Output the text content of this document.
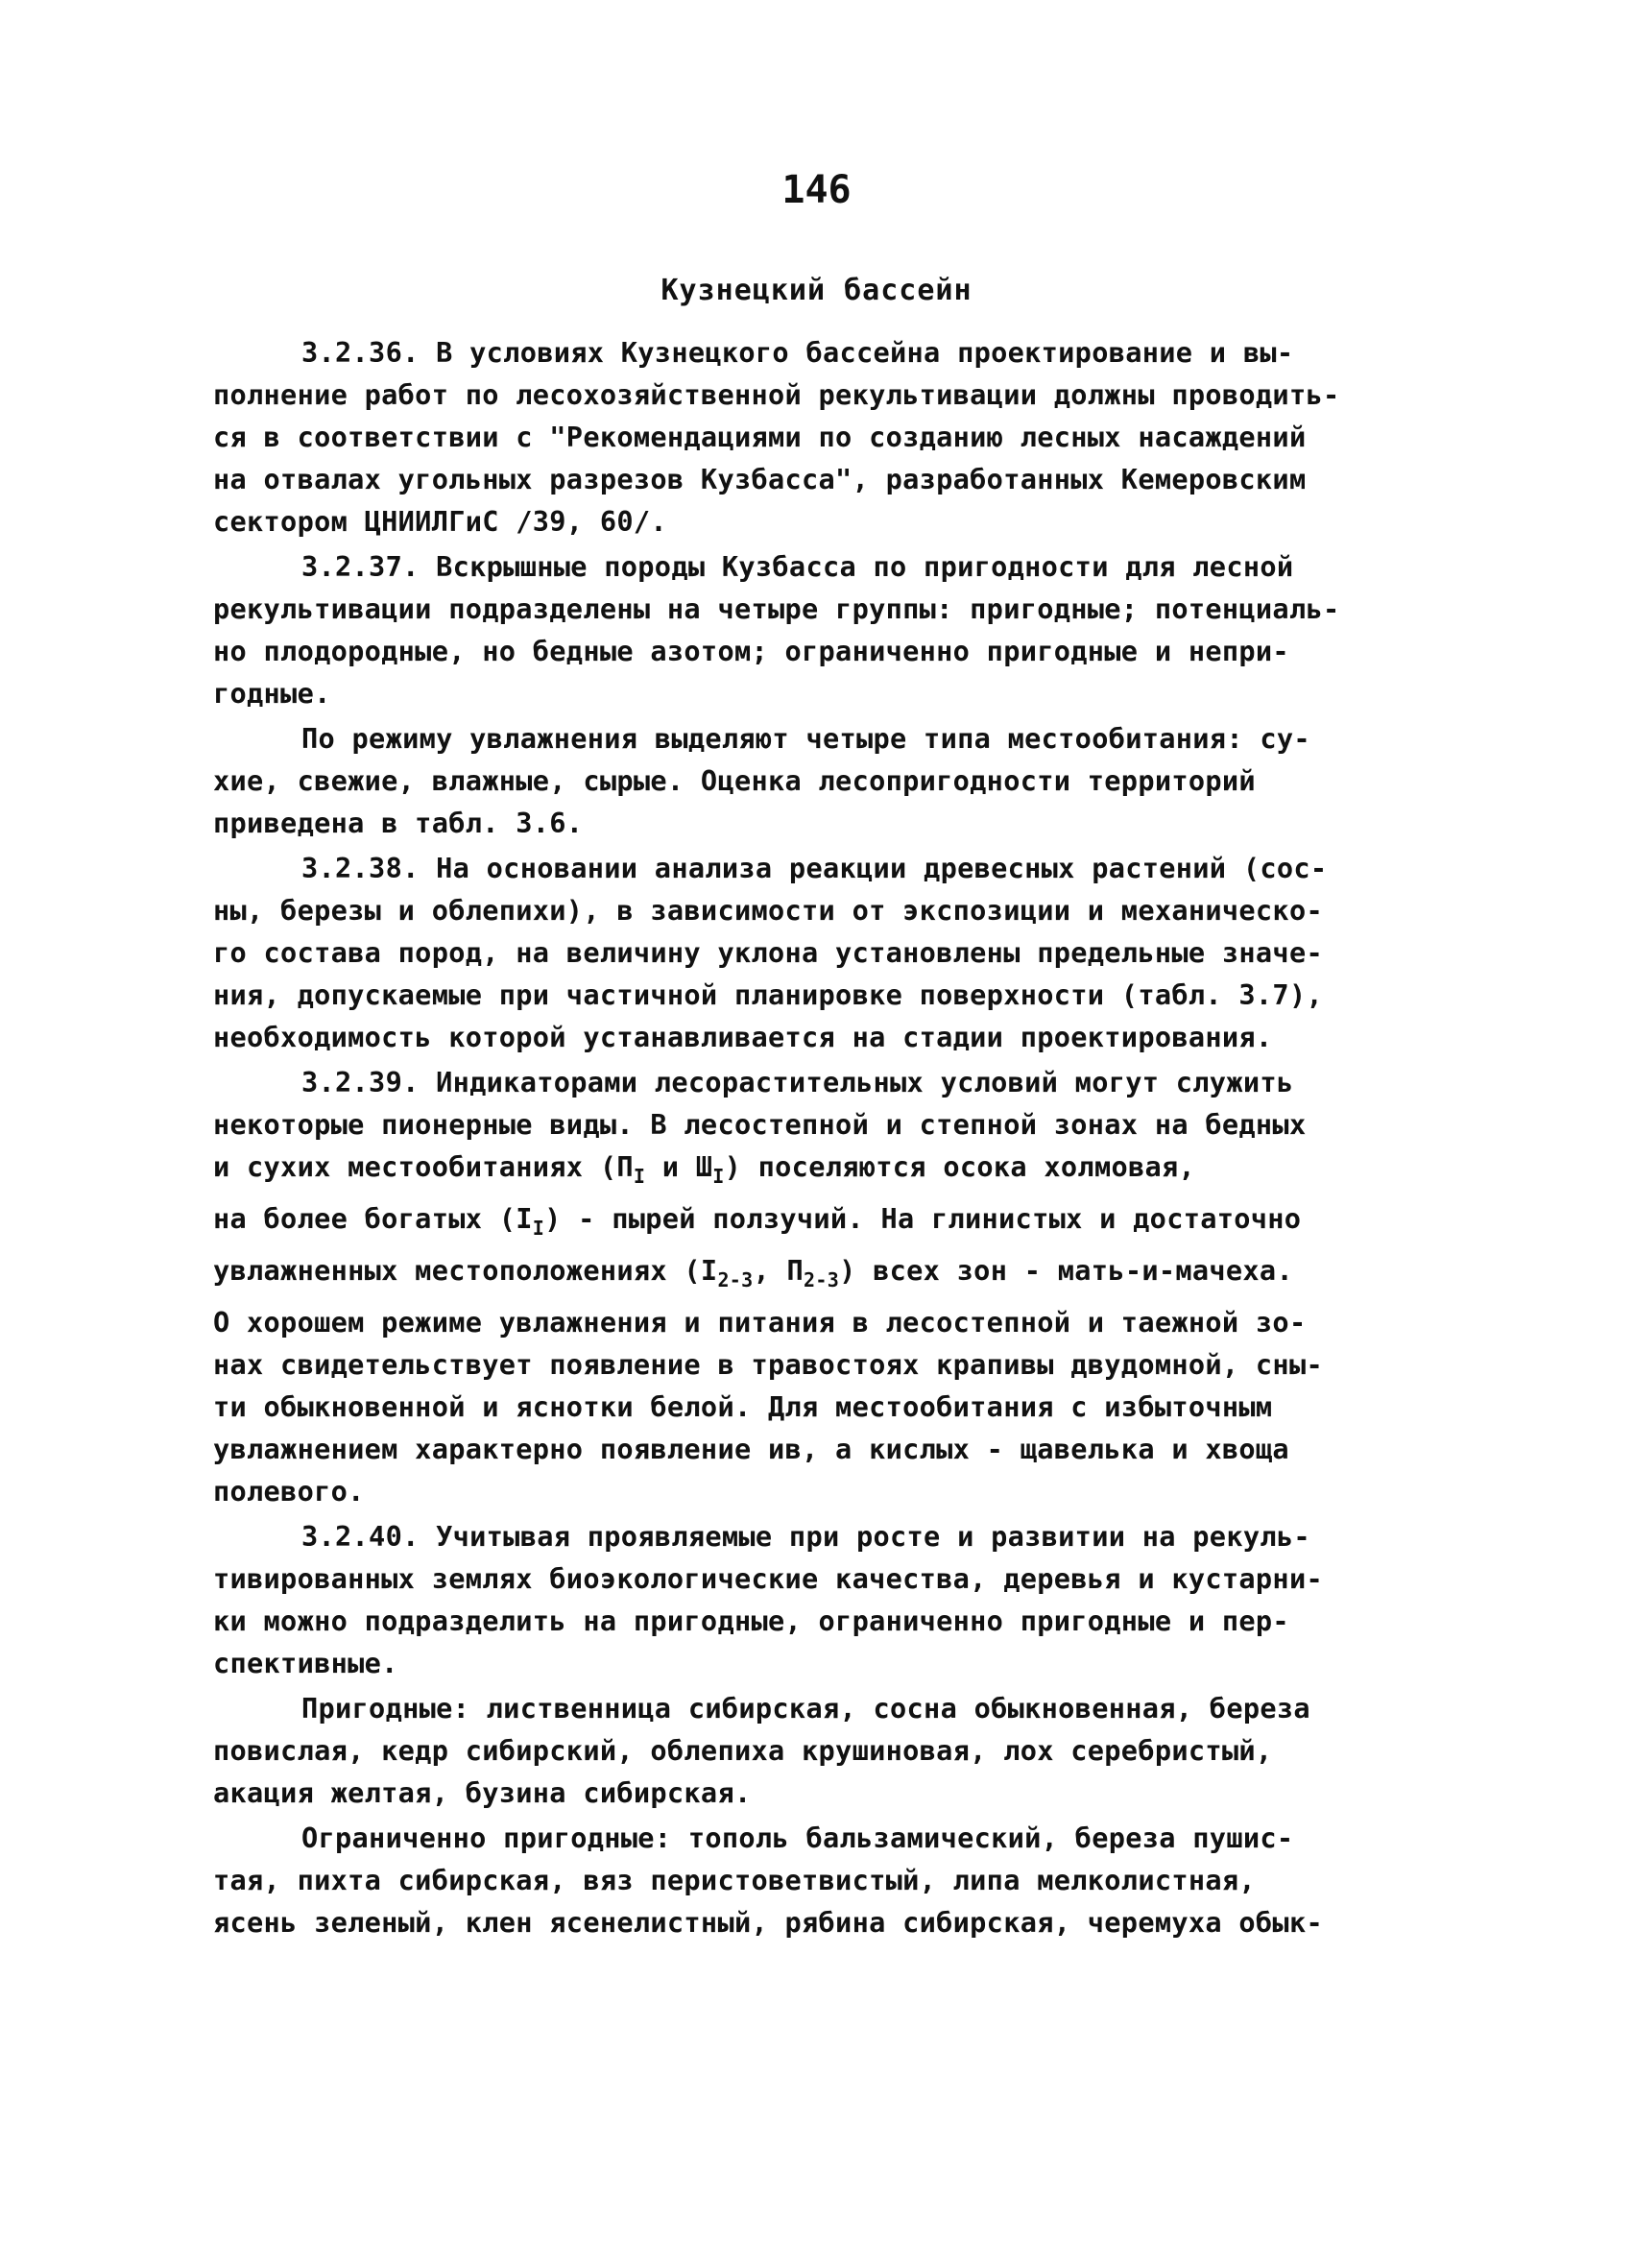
146
Кузнецкий бассейн
3.2.36. В условиях Кузнецкого бассейна проектирование и вы-
полнение работ по лесохозяйственной рекультивации должны проводить-
ся в соответствии с "Рекомендациями по созданию лесных насаждений
на отвалах угольных разрезов Кузбасса", разработанных Кемеровским
сектором ЦНИИЛГиС /39, 60/.
3.2.37. Вскрышные породы Кузбасса по пригодности для лесной
рекультивации подразделены на четыре группы: пригодные; потенциаль-
но плодородные, но бедные азотом; ограниченно пригодные и непри-
годные.
По режиму увлажнения выделяют четыре типа местообитания: су-
хие, свежие, влажные, сырые. Оценка лесопригодности территорий
приведена в табл. 3.6.
3.2.38. На основании анализа реакции древесных растений (сос-
ны, березы и облепихи), в зависимости от экспозиции и механическо-
го состава пород, на величину уклона установлены предельные значе-
ния, допускаемые при частичной планировке поверхности (табл. 3.7),
необходимость которой устанавливается на стадии проектирования.
3.2.39. Индикаторами лесорастительных условий могут служить
некоторые пионерные виды. В лесостепной и степной зонах на бедных
и сухих местообитаниях ($П_I$ и $Ш_I$) поселяются осока холмовая,
на более богатых $(I_I)$ - пырей ползучий. На глинистых и достаточно
увлажненных местоположениях ($I_{2-3}$, $П_{2-3}$) всех зон - мать-и-мачеха.
О хорошем режиме увлажнения и питания в лесостепной и таежной зо-
нах свидетельствует появление в травостоях крапивы двудомной, сны-
ти обыкновенной и яснотки белой. Для местообитания с избыточным
увлажнением характерно появление ив, а кислых - щавелька и хвоща
полевого.
3.2.40. Учитывая проявляемые при росте и развитии на рекуль-
тивированных землях биоэкологические качества, деревья и кустарни-
ки можно подразделить на пригодные, ограниченно пригодные и пер-
спективные.
Пригодные: лиственница сибирская, сосна обыкновенная, береза
повислая, кедр сибирский, облепиха крушиновая, лох серебристый,
акация желтая, бузина сибирская.
Ограниченно пригодные: тополь бальзамический, береза пушис-
тая, пихта сибирская, вяз перистоветвистый, липа мелколистная,
ясень зеленый, клен ясенелистный, рябина сибирская, черемуха обык-
